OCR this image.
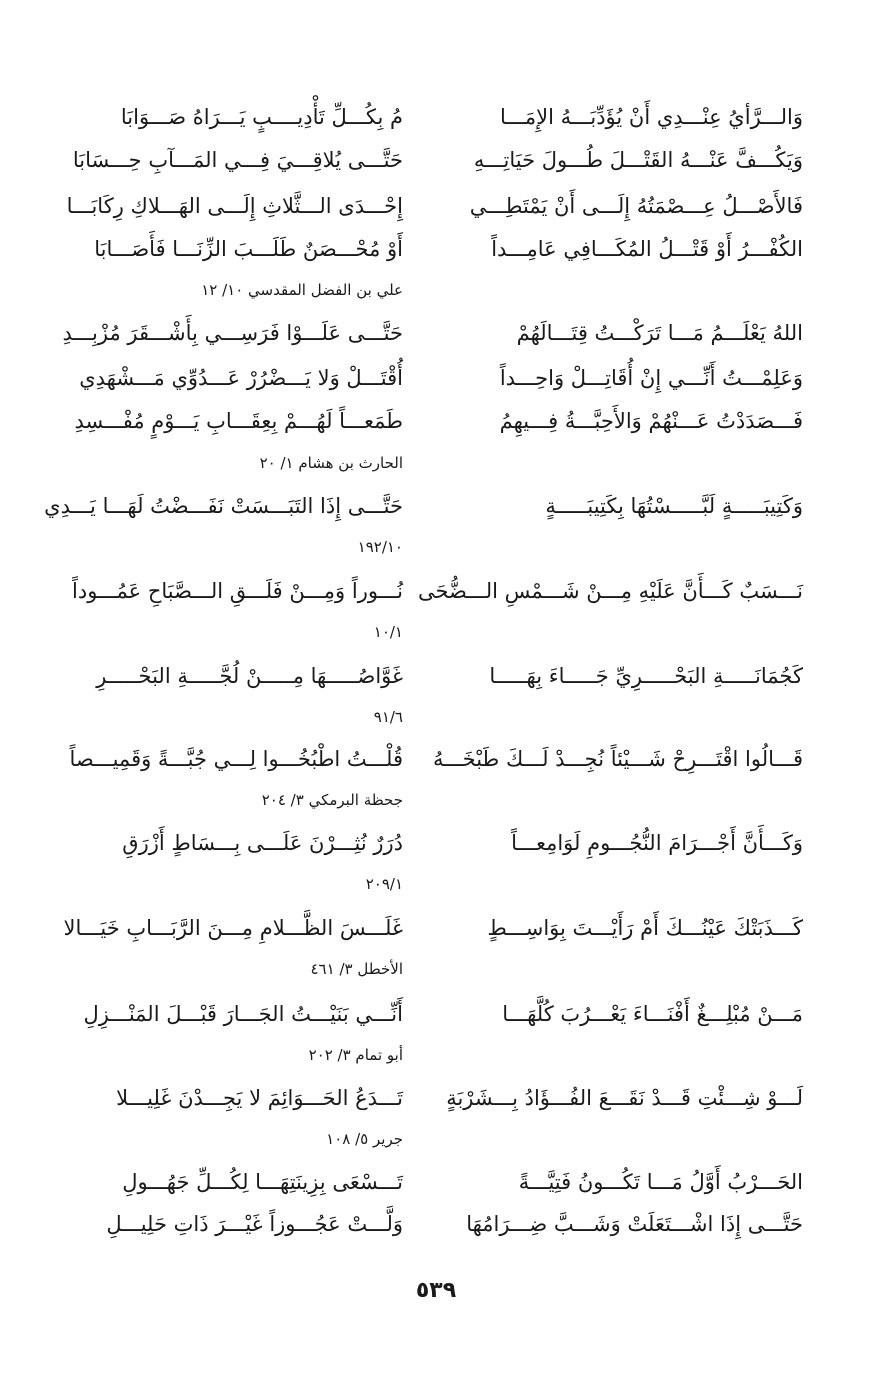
وَالـــرَّأيُ عِنْـــدِي أَنْ يُؤَدِّبَـــهُ الإِمَـــا
مُ بِكُـــلِّ تَأْدِيــــبٍ يَـــرَاهُ صَـــوَابَا
وَيَكُـــفَّ عَنْـــهُ القَتْـــلَ طُـــولَ حَيَاتِـــهِ
حَتَّـــى يُلاقِـــيَ فِـــي المَـــآبِ حِـــسَابَا
فَالأَصْـــلُ عِـــصْمَتُهُ إِلَـــى أَنْ يَمْتَطِـــي
إِحْـــدَى الـــثَّلاثِ إِلَـــى الهَـــلاكِ رِكَابَـــا
الكُفْـــرُ أَوْ قَتْـــلُ المُكَـــافِي عَامِـــداً
أَوْ مُحْـــصَنٌ طَلَـــبَ الزِّنَـــا فَأَصَـــابَا
علي بن الفضل المقدسي ١٠/ ١٢
اللهُ يَعْلَـــمُ مَـــا تَرَكْـــتُ قِتَـــالَهُمْ
حَتَّـــى عَلَـــوْا فَرَسِـــي بِأَشْـــقَرَ مُزْبِـــدِ
وَعَلِمْـــتُ أَنِّـــي إِنْ أُقَاتِـــلْ وَاحِـــداً
أُقْتَـــلْ وَلا يَـــضْرُرْ عَـــدُوِّي مَـــشْهَدِي
فَـــصَدَدْتُ عَـــنْهُمْ وَالأَحِبَّـــةُ فِـــيهِمُ
طَمَعـــاً لَهُـــمْ بِعِقَـــابِ يَـــوْمٍ مُفْـــسِدِ
الحارث بن هشام ١/ ٢٠
وَكَتِيبَـــــةٍ لَبَّـــــسْتُهَا بِكَتِيبَـــــةٍ
حَتَّـــى إِذَا التَبَـــسَتْ نَفَـــضْتُ لَهَـــا يَـــدِي
١٩٢/١٠
نَـــسَبٌ كَـــأَنَّ عَلَيْهِ مِـــنْ شَـــمْسِ الـــضُّحَى
نُـــوراً وَمِـــنْ فَلَـــقِ الـــصَّبَاحِ عَمُـــوداً
١٠/١
كَجُمَانَـــــةِ البَحْـــــرِيِّ جَـــــاءَ بِهَـــــا
غَوَّاصُـــــهَا مِـــــنْ لُجَّـــــةِ البَحْـــــرِ
٩١/٦
قَـــالُوا اقْتَـــرِحْ شَـــيْئاً نُجِـــدْ لَـــكَ طَبْخَـــهُ
قُلْـــتُ اطْبُخُـــوا لِـــي جُبَّـــةً وَقَمِيـــصاً
جحظة البرمكي ٣/ ٢٠٤
وَكَـــأَنَّ أَجْـــرَامَ النُّجُـــومِ لَوَامِعـــاً
دُرَرٌ نُثِـــرْنَ عَلَـــى بِـــسَاطٍ أَزْرَقِ
٢٠٩/١
كَـــذَبَتْكَ عَيْنُـــكَ أَمْ رَأَيْـــتَ بِوَاسِـــطٍ
غَلَـــسَ الظَّـــلامِ مِـــنَ الرَّبَـــابِ خَيَـــالا
الأخطل ٣/ ٤٦١
مَـــنْ مُبْلِـــغٌ أَفْنَـــاءَ يَعْـــرُبَ كُلَّهَـــا
أَنِّـــي بَنَيْـــتُ الجَـــارَ قَبْـــلَ المَنْـــزِلِ
أبو تمام ٣/ ٢٠٢
لَـــوْ شِـــئْتِ قَـــدْ نَقَـــعَ الفُـــؤَادُ بِـــشَرْبَةٍ
تَـــدَعُ الحَـــوَائِمَ لا يَجِـــدْنَ غَلِيـــلا
جرير ٥/ ١٠٨
الحَـــرْبُ أَوَّلُ مَـــا تَكُـــونُ فَتِيَّـــةً
تَـــسْعَى بِزِينَتِهَـــا لِكُـــلِّ جَهُـــولِ
حَتَّـــى إِذَا اشْـــتَعَلَتْ وَشَـــبَّ ضِـــرَامُهَا
وَلَّـــتْ عَجُـــوزاً غَيْـــرَ ذَاتِ حَلِيـــلِ
٥٣٩
